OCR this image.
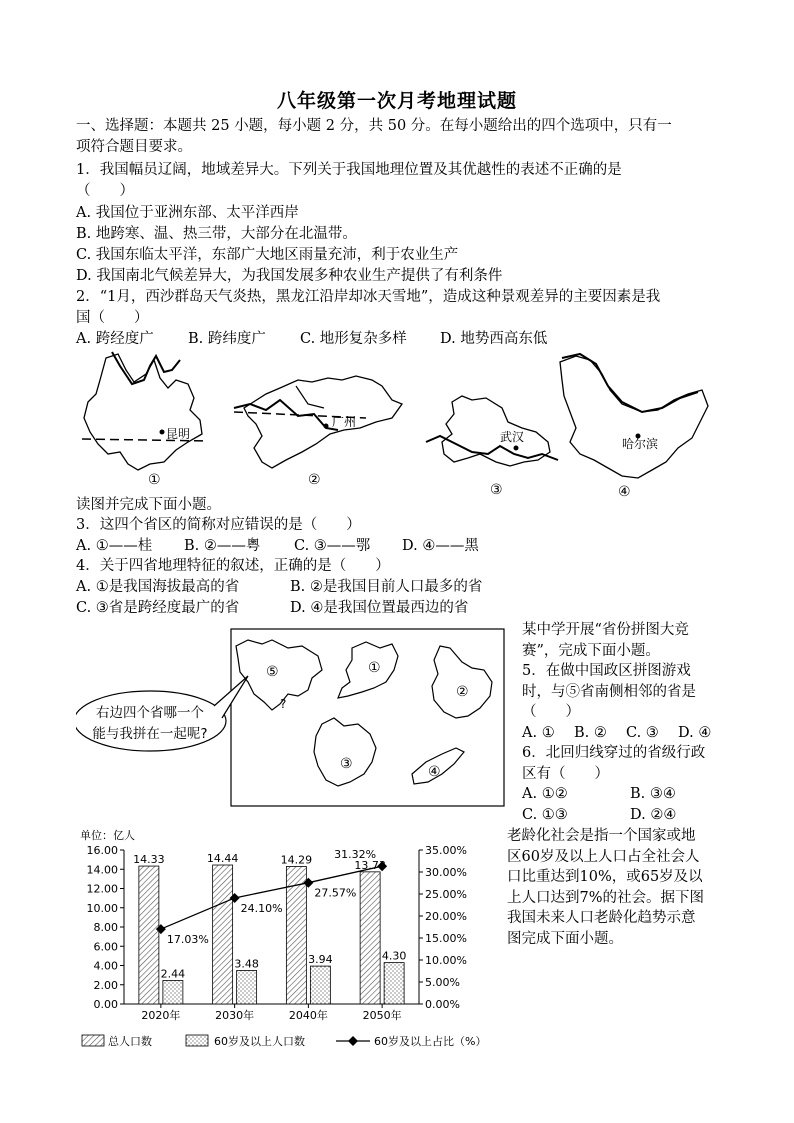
八年级第一次月考地理试题
一、选择题：本题共 25 小题，每小题 2 分，共 50 分。在每小题给出的四个选项中，只有一
项符合题目要求。
1．我国幅员辽阔，地域差异大。下列关于我国地理位置及其优越性的表述不正确的是
（　　）
A. 我国位于亚洲东部、太平洋西岸
B. 地跨寒、温、热三带，大部分在北温带。
C. 我国东临太平洋，东部广大地区雨量充沛，利于农业生产
D. 我国南北气候差异大，为我国发展多种农业生产提供了有利条件
2．“1月，西沙群岛天气炎热，黑龙江沿岸却冰天雪地”，造成这种景观差异的主要因素是我
国（　　）
A. 跨经度广 B. 跨纬度广 C. 地形复杂多样 D. 地势西高东低
昆明
①
广州
②
武汉
③
哈尔滨
④
读图并完成下面小题。
3．这四个省区的简称对应错误的是（　　）
A. ①——桂 B. ②——粤 C. ③——鄂 D. ④——黑
4．关于四省地理特征的叙述，正确的是（　　）
A. ①是我国海拔最高的省	B. ②是我国目前人口最多的省
C. ③省是跨经度最广的省	D. ④是我国位置最西边的省
右边四个省哪一个
能与我拼在一起呢?
⑤
?
①
②
③	④
某中学开展“省份拼图大竞
赛”，完成下面小题。
5．在做中国政区拼图游戏
时，与⑤省南侧相邻的省是
（　　）
A. ① B. ② C. ③ D. ④
6．北回归线穿过的省级行政
区有（　　）
A. ①②	B. ③④
C. ①③	D. ②④
老龄化社会是指一个国家或地
区60岁及以上人口占全社会人
口比重达到10%，或65岁及以
上人口达到7%的社会。据下图
我国未来人口老龄化趋势示意
图完成下面小题。
单位：亿人
16.00
14.00
12.00
10.00
8.00
6.00
4.00
2.00
0.00
35.00%
30.00%
25.00%
20.00%
15.00%
10.00%
5.00%
0.00%
2020年	2030年	2040年	2050年
14.33
2.44
14.44
3.48
14.29
3.94
13.73
4.30
17.03%
24.10%
27.57%
31.32%
总人口数	60岁及以上人口数	60岁及以上占比（%）
